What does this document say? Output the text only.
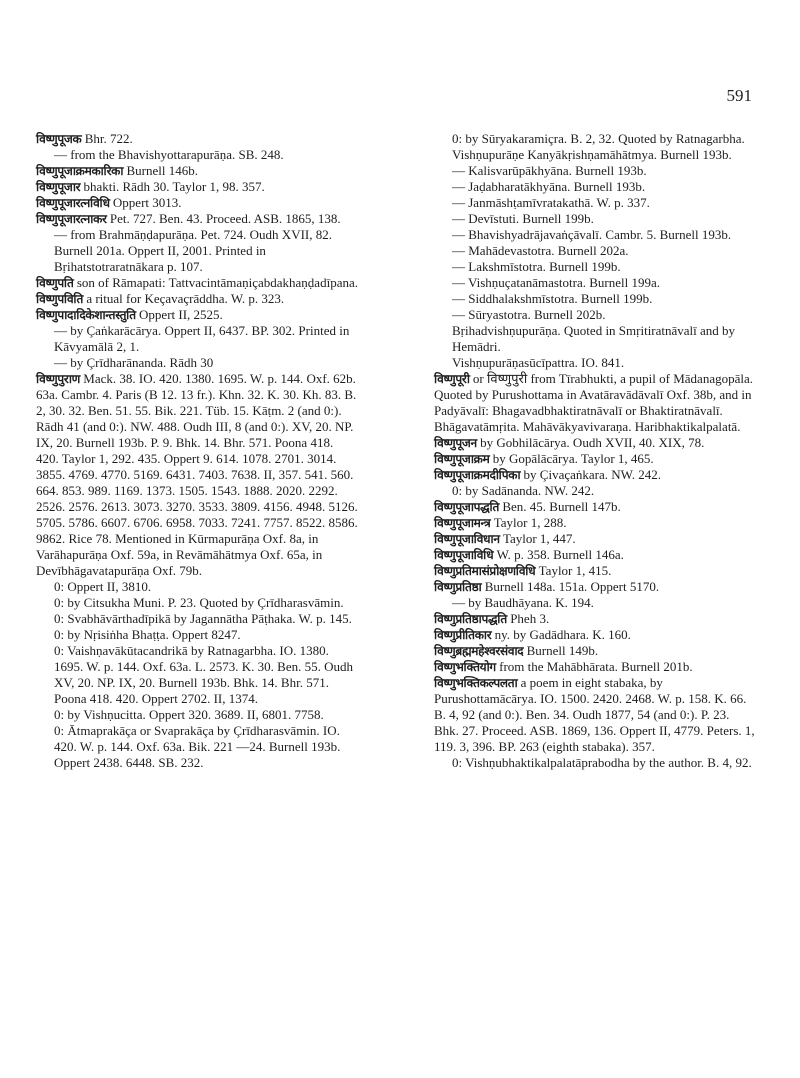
591
विष्णुपूजक Bhr. 722.
— from the Bhavishyottarapurāṇa. SB. 248.
विष्णुपूजाक्रमकारिका Burnell 146b.
विष्णुपूजार bhakti. Rādh 30. Taylor 1, 98. 357.
विष्णुपूजारत्नविधि Oppert 3013.
विष्णुपूजारत्नाकर Pet. 727. Ben. 43. Proceed. ASB. 1865, 138.
— from Brahmāṇḍapurāṇa. Pet. 724. Oudh XVII, 82. Burnell 201a. Oppert II, 2001. Printed in Bṛihatstotraratnākara p. 107.
विष्णुपति son of Rāmapati: Tattvacintāmaṇiçabdakhaṇḍadīpana.
विष्णुपविति a ritual for Keçavaçrāddha. W. p. 323.
विष्णुपादादिकेशान्तस्तुति Oppert II, 2525.
— by Çaṅkarācārya. Oppert II, 6437. BP. 302. Printed in Kāvyamālā 2, 1.
— by Çrīdharānanda. Rādh 30
विष्णुपुराण Mack. 38. IO. 420. 1380. 1695. W. p. 144. Oxf. 62b. 63a. Cambr. 4. Paris (B 12. 13 fr.). Khn. 32. K. 30. Kh. 83. B. 2, 30. 32. Ben. 51. 55. Bik. 221. Tüb. 15. Kāṭm. 2 (and 0:). Rādh 41 (and 0:). NW. 488. Oudh III, 8 (and 0:). XV, 20. NP. IX, 20. Burnell 193b. P. 9. Bhk. 14. Bhr. 571. Poona 418. 420. Taylor 1, 292. 435. Oppert 9. 614. 1078. 2701. 3014. 3855. 4769. 4770. 5169. 6431. 7403. 7638. II, 357. 541. 560. 664. 853. 989. 1169. 1373. 1505. 1543. 1888. 2020. 2292. 2526. 2576. 2613. 3073. 3270. 3533. 3809. 4156. 4948. 5126. 5705. 5786. 6607. 6706. 6958. 7033. 7241. 7757. 8522. 8586. 9862. Rice 78. Mentioned in Kūrmapurāṇa Oxf. 8a, in Varāhapurāṇa Oxf. 59a, in Revāmāhātmya Oxf. 65a, in Devībhāgavatapurāṇa Oxf. 79b.
0: Oppert II, 3810.
0: by Citsukha Muni. P. 23. Quoted by Çrīdharasvāmin.
0: Svabhāvārthadīpikā by Jagannātha Pāṭhaka. W. p. 145.
0: by Nṛisiṅha Bhaṭṭa. Oppert 8247.
0: Vaishṇavākūtacandrikā by Ratnagarbha. IO. 1380. 1695. W. p. 144. Oxf. 63a. L. 2573. K. 30. Ben. 55. Oudh XV, 20. NP. IX, 20. Burnell 193b. Bhk. 14. Bhr. 571. Poona 418. 420. Oppert 2702. II, 1374.
0: by Vishṇucitta. Oppert 320. 3689. II, 6801. 7758.
0: Ātmaprakāça or Svaprakāça by Çrīdharasvāmin. IO. 420. W. p. 144. Oxf. 63a. Bik. 221 —24. Burnell 193b. Oppert 2438. 6448. SB. 232.
0: by Sūryakaramiçra. B. 2, 32. Quoted by Ratnagarbha.
Vishṇupurāṇe Kanyākṛishṇamāhātmya. Burnell 193b.
— Kalisvarūpākhyāna. Burnell 193b.
— Jaḍabharatākhyāna. Burnell 193b.
— Janmāshṭamīvratakathā. W. p. 337.
— Devīstuti. Burnell 199b.
— Bhavishyadrājavaṅçāvalī. Cambr. 5. Burnell 193b.
— Mahādevastotra. Burnell 202a.
— Lakshmīstotra. Burnell 199b.
— Vishṇuçatanāmastotra. Burnell 199a.
— Siddhalakshmīstotra. Burnell 199b.
— Sūryastotra. Burnell 202b.
Bṛihadvishṇupurāṇa. Quoted in Smṛitiratnāvalī and by Hemādri.
Vishṇupurāṇasūcīpattra. IO. 841.
विष्णुपूरी or विष्णुपुरी from Tīrabhukti, a pupil of Mādanagopāla. Quoted by Purushottama in Avatāravādāvalī Oxf. 38b, and in Padyāvalī: Bhagavadbhaktiratnāvalī or Bhaktiratnāvalī. Bhāgavatāmṛita. Mahāvākyavivaraṇa. Haribhaktikalpalatā.
विष्णुपूजन by Gobhilācārya. Oudh XVII, 40. XIX, 78.
विष्णुपूजाक्रम by Gopālācārya. Taylor 1, 465.
विष्णुपूजाक्रमदीपिका by Çivaçaṅkara. NW. 242.
0: by Sadānanda. NW. 242.
विष्णुपूजापद्धति Ben. 45. Burnell 147b.
विष्णुपूजामन्त्र Taylor 1, 288.
विष्णुपूजाविधान Taylor 1, 447.
विष्णुपूजाविधि W. p. 358. Burnell 146a.
विष्णुप्रतिमासंप्रोक्षणविधि Taylor 1, 415.
विष्णुप्रतिष्ठा Burnell 148a. 151a. Oppert 5170.
— by Baudhāyana. K. 194.
विष्णुप्रतिष्ठापद्धति Pheh 3.
विष्णुप्रीतिकार ny. by Gadādhara. K. 160.
विष्णुब्रह्ममहेश्वरसंवाद Burnell 149b.
विष्णुभक्तियोग from the Mahābhārata. Burnell 201b.
विष्णुभक्तिकल्पलता a poem in eight stabaka, by Purushottamācārya. IO. 1500. 2420. 2468. W. p. 158. K. 66. B. 4, 92 (and 0:). Ben. 34. Oudh 1877, 54 (and 0:). P. 23. Bhk. 27. Proceed. ASB. 1869, 136. Oppert II, 4779. Peters. 1, 119. 3, 396. BP. 263 (eighth stabaka). 357.
0: Vishṇubhaktikalpalatāprabodha by the author. B. 4, 92.
